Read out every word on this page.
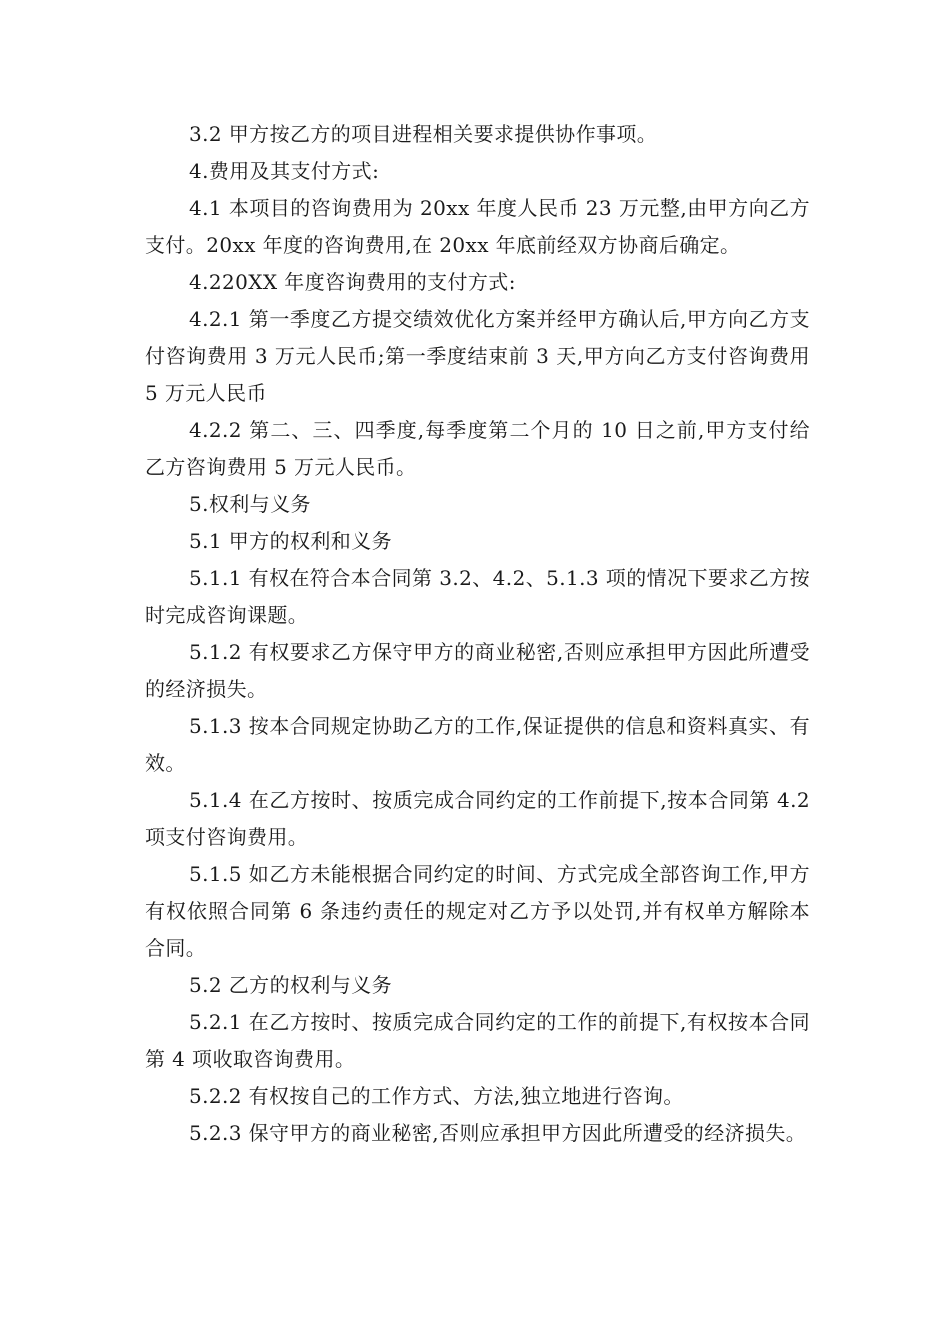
3.2 甲方按乙方的项目进程相关要求提供协作事项。

4.费用及其支付方式:

4.1 本项目的咨询费用为 20xx 年度人民币 23 万元整,由甲方向乙方支付。20xx 年度的咨询费用,在 20xx 年底前经双方协商后确定。

4.220XX 年度咨询费用的支付方式:

4.2.1 第一季度乙方提交绩效优化方案并经甲方确认后,甲方向乙方支付咨询费用 3 万元人民币;第一季度结束前 3 天,甲方向乙方支付咨询费用 5 万元人民币

4.2.2 第二、三、四季度,每季度第二个月的 10 日之前,甲方支付给乙方咨询费用 5 万元人民币。

5.权利与义务

5.1 甲方的权利和义务

5.1.1 有权在符合本合同第 3.2、4.2、5.1.3 项的情况下要求乙方按时完成咨询课题。

5.1.2 有权要求乙方保守甲方的商业秘密,否则应承担甲方因此所遭受的经济损失。

5.1.3 按本合同规定协助乙方的工作,保证提供的信息和资料真实、有效。

5.1.4 在乙方按时、按质完成合同约定的工作前提下,按本合同第 4.2 项支付咨询费用。

5.1.5 如乙方未能根据合同约定的时间、方式完成全部咨询工作,甲方有权依照合同第 6 条违约责任的规定对乙方予以处罚,并有权单方解除本合同。

5.2 乙方的权利与义务

5.2.1 在乙方按时、按质完成合同约定的工作的前提下,有权按本合同第 4 项收取咨询费用。

5.2.2 有权按自己的工作方式、方法,独立地进行咨询。

5.2.3 保守甲方的商业秘密,否则应承担甲方因此所遭受的经济损失。
